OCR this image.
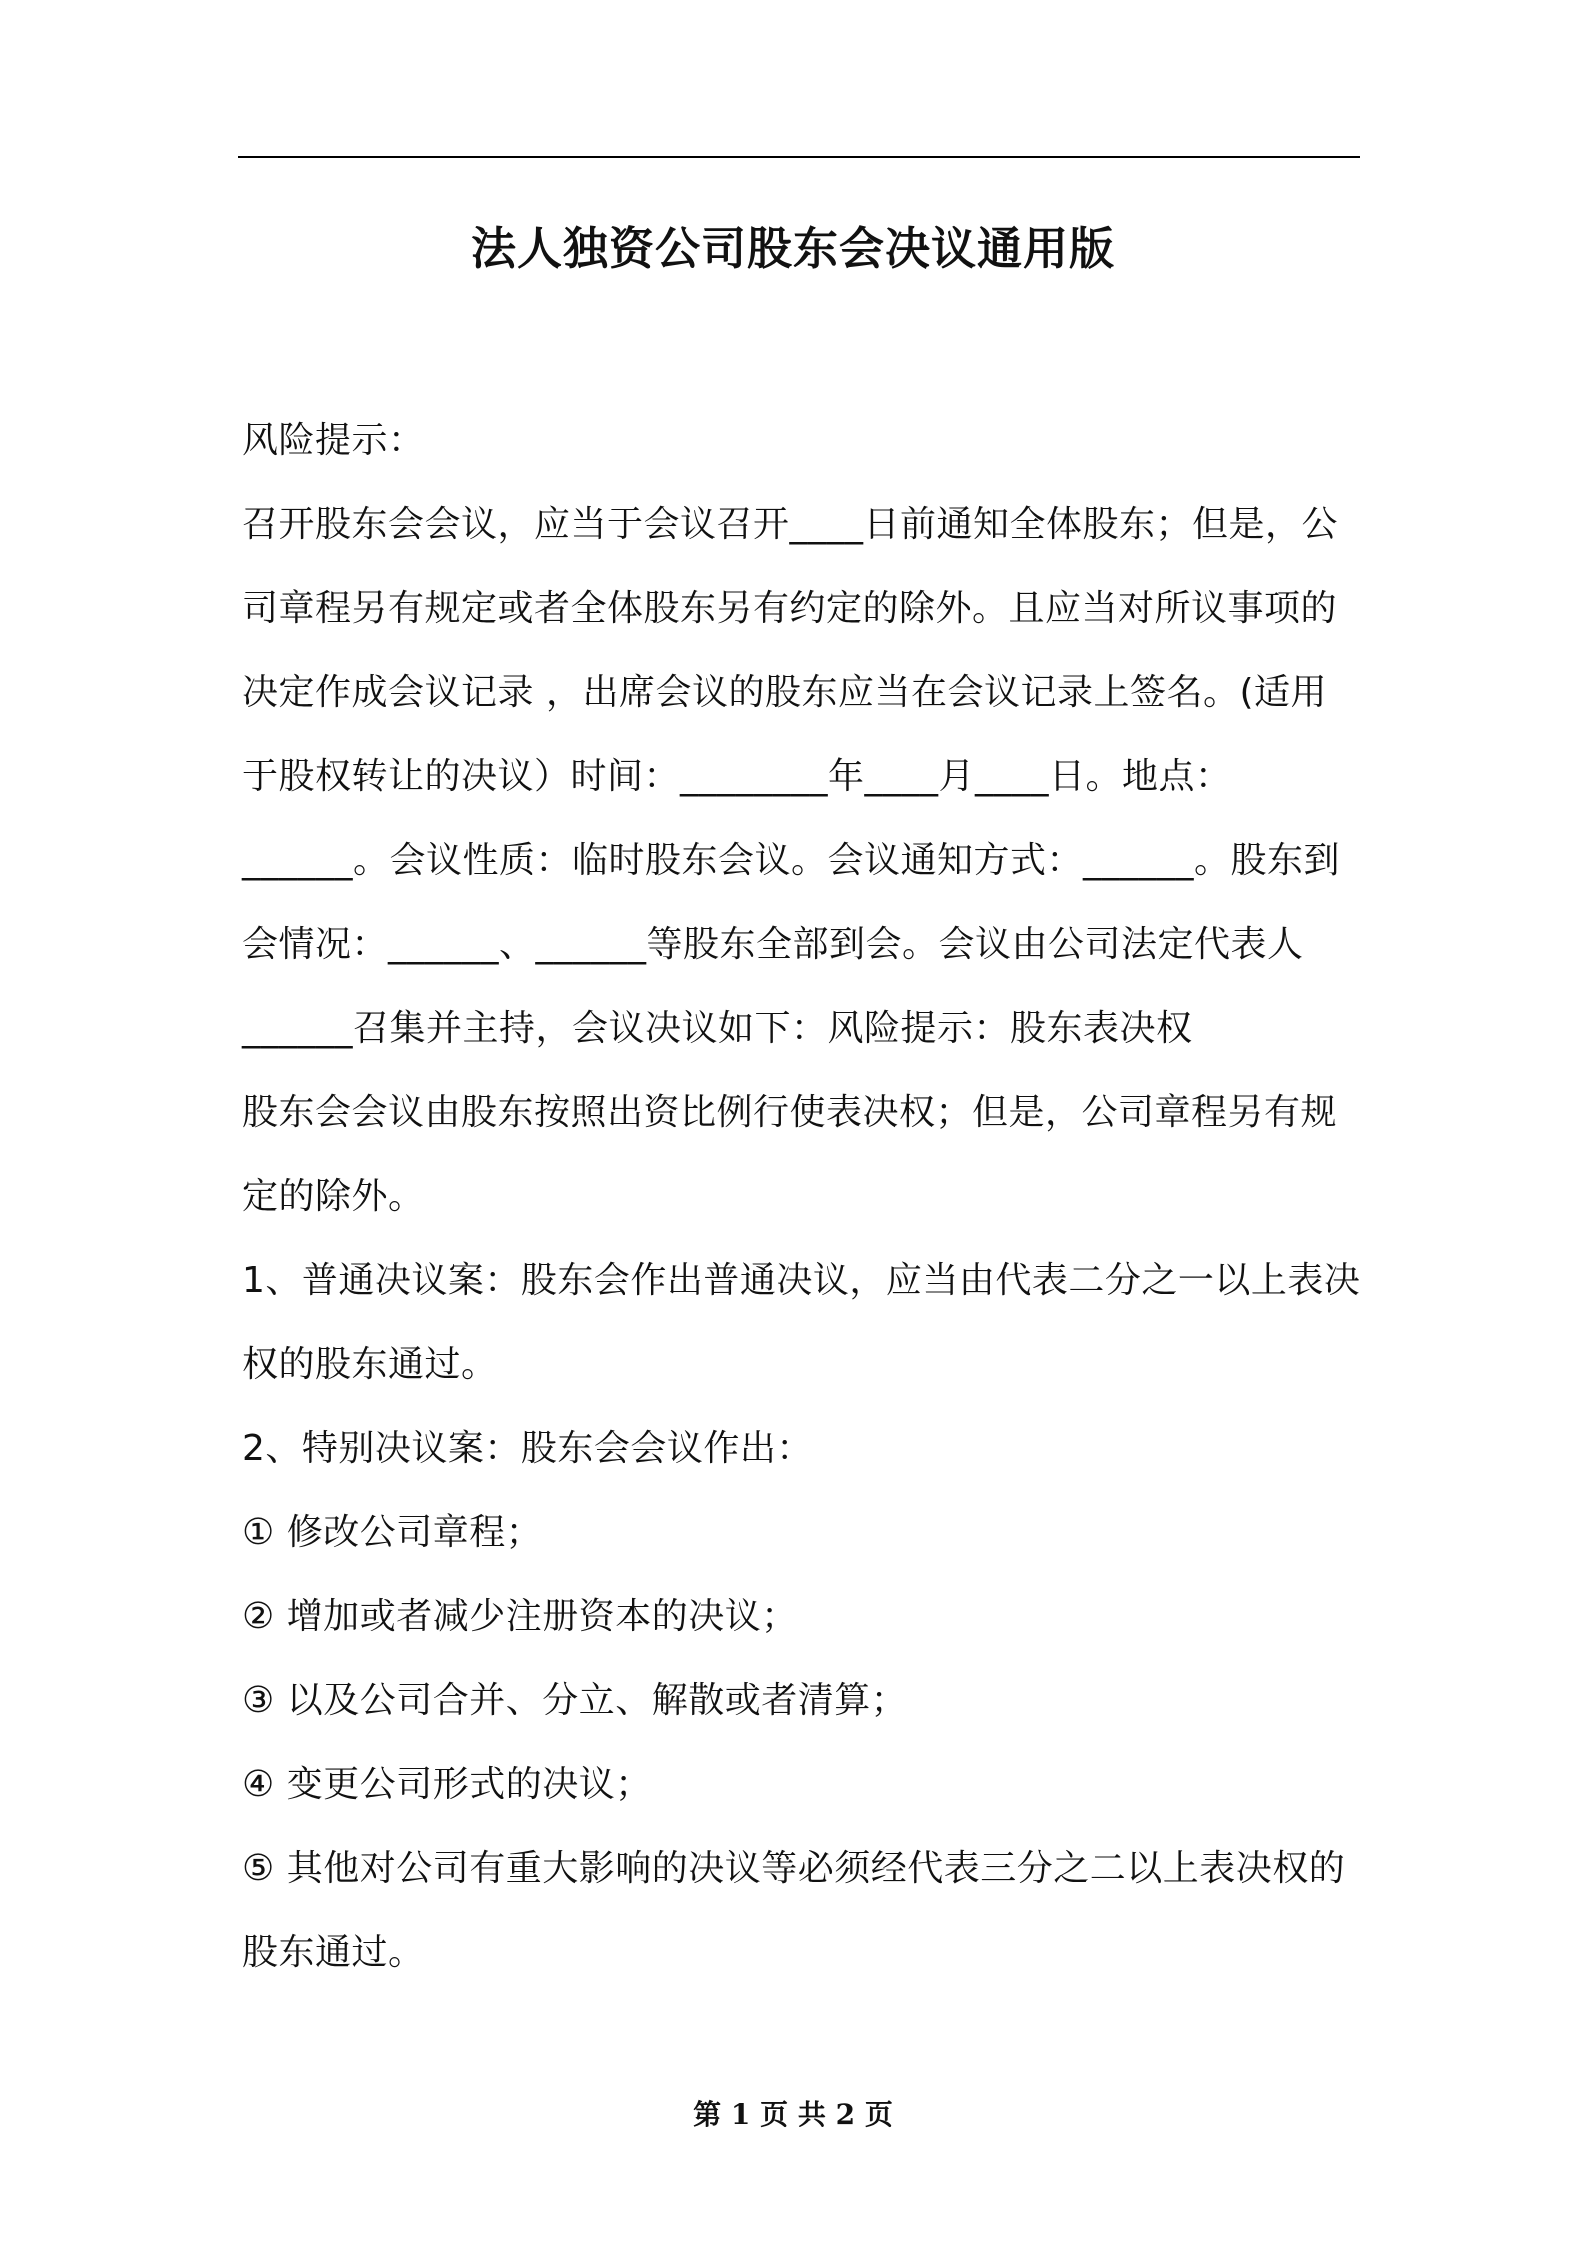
法人独资公司股东会决议通用版

风险提示：

召开股东会会议，应当于会议召开____日前通知全体股东；但是，公司章程另有规定或者全体股东另有约定的除外。且应当对所议事项的决定作成会议记录 ，出席会议的股东应当在会议记录上签名。(适用于股权转让的决议）时间：________年____月____日。地点：______。会议性质：临时股东会议。会议通知方式：______。股东到会情况：______、______等股东全部到会。会议由公司法定代表人______召集并主持，会议决议如下：风险提示：股东表决权

股东会会议由股东按照出资比例行使表决权；但是，公司章程另有规定的除外。

1、普通决议案：股东会作出普通决议，应当由代表二分之一以上表决权的股东通过。

2、特别决议案：股东会会议作出：

① 修改公司章程；

② 增加或者减少注册资本的决议；

③ 以及公司合并、分立、解散或者清算；

④ 变更公司形式的决议；

⑤ 其他对公司有重大影响的决议等必须经代表三分之二以上表决权的股东通过。

第 1 页 共 2 页
